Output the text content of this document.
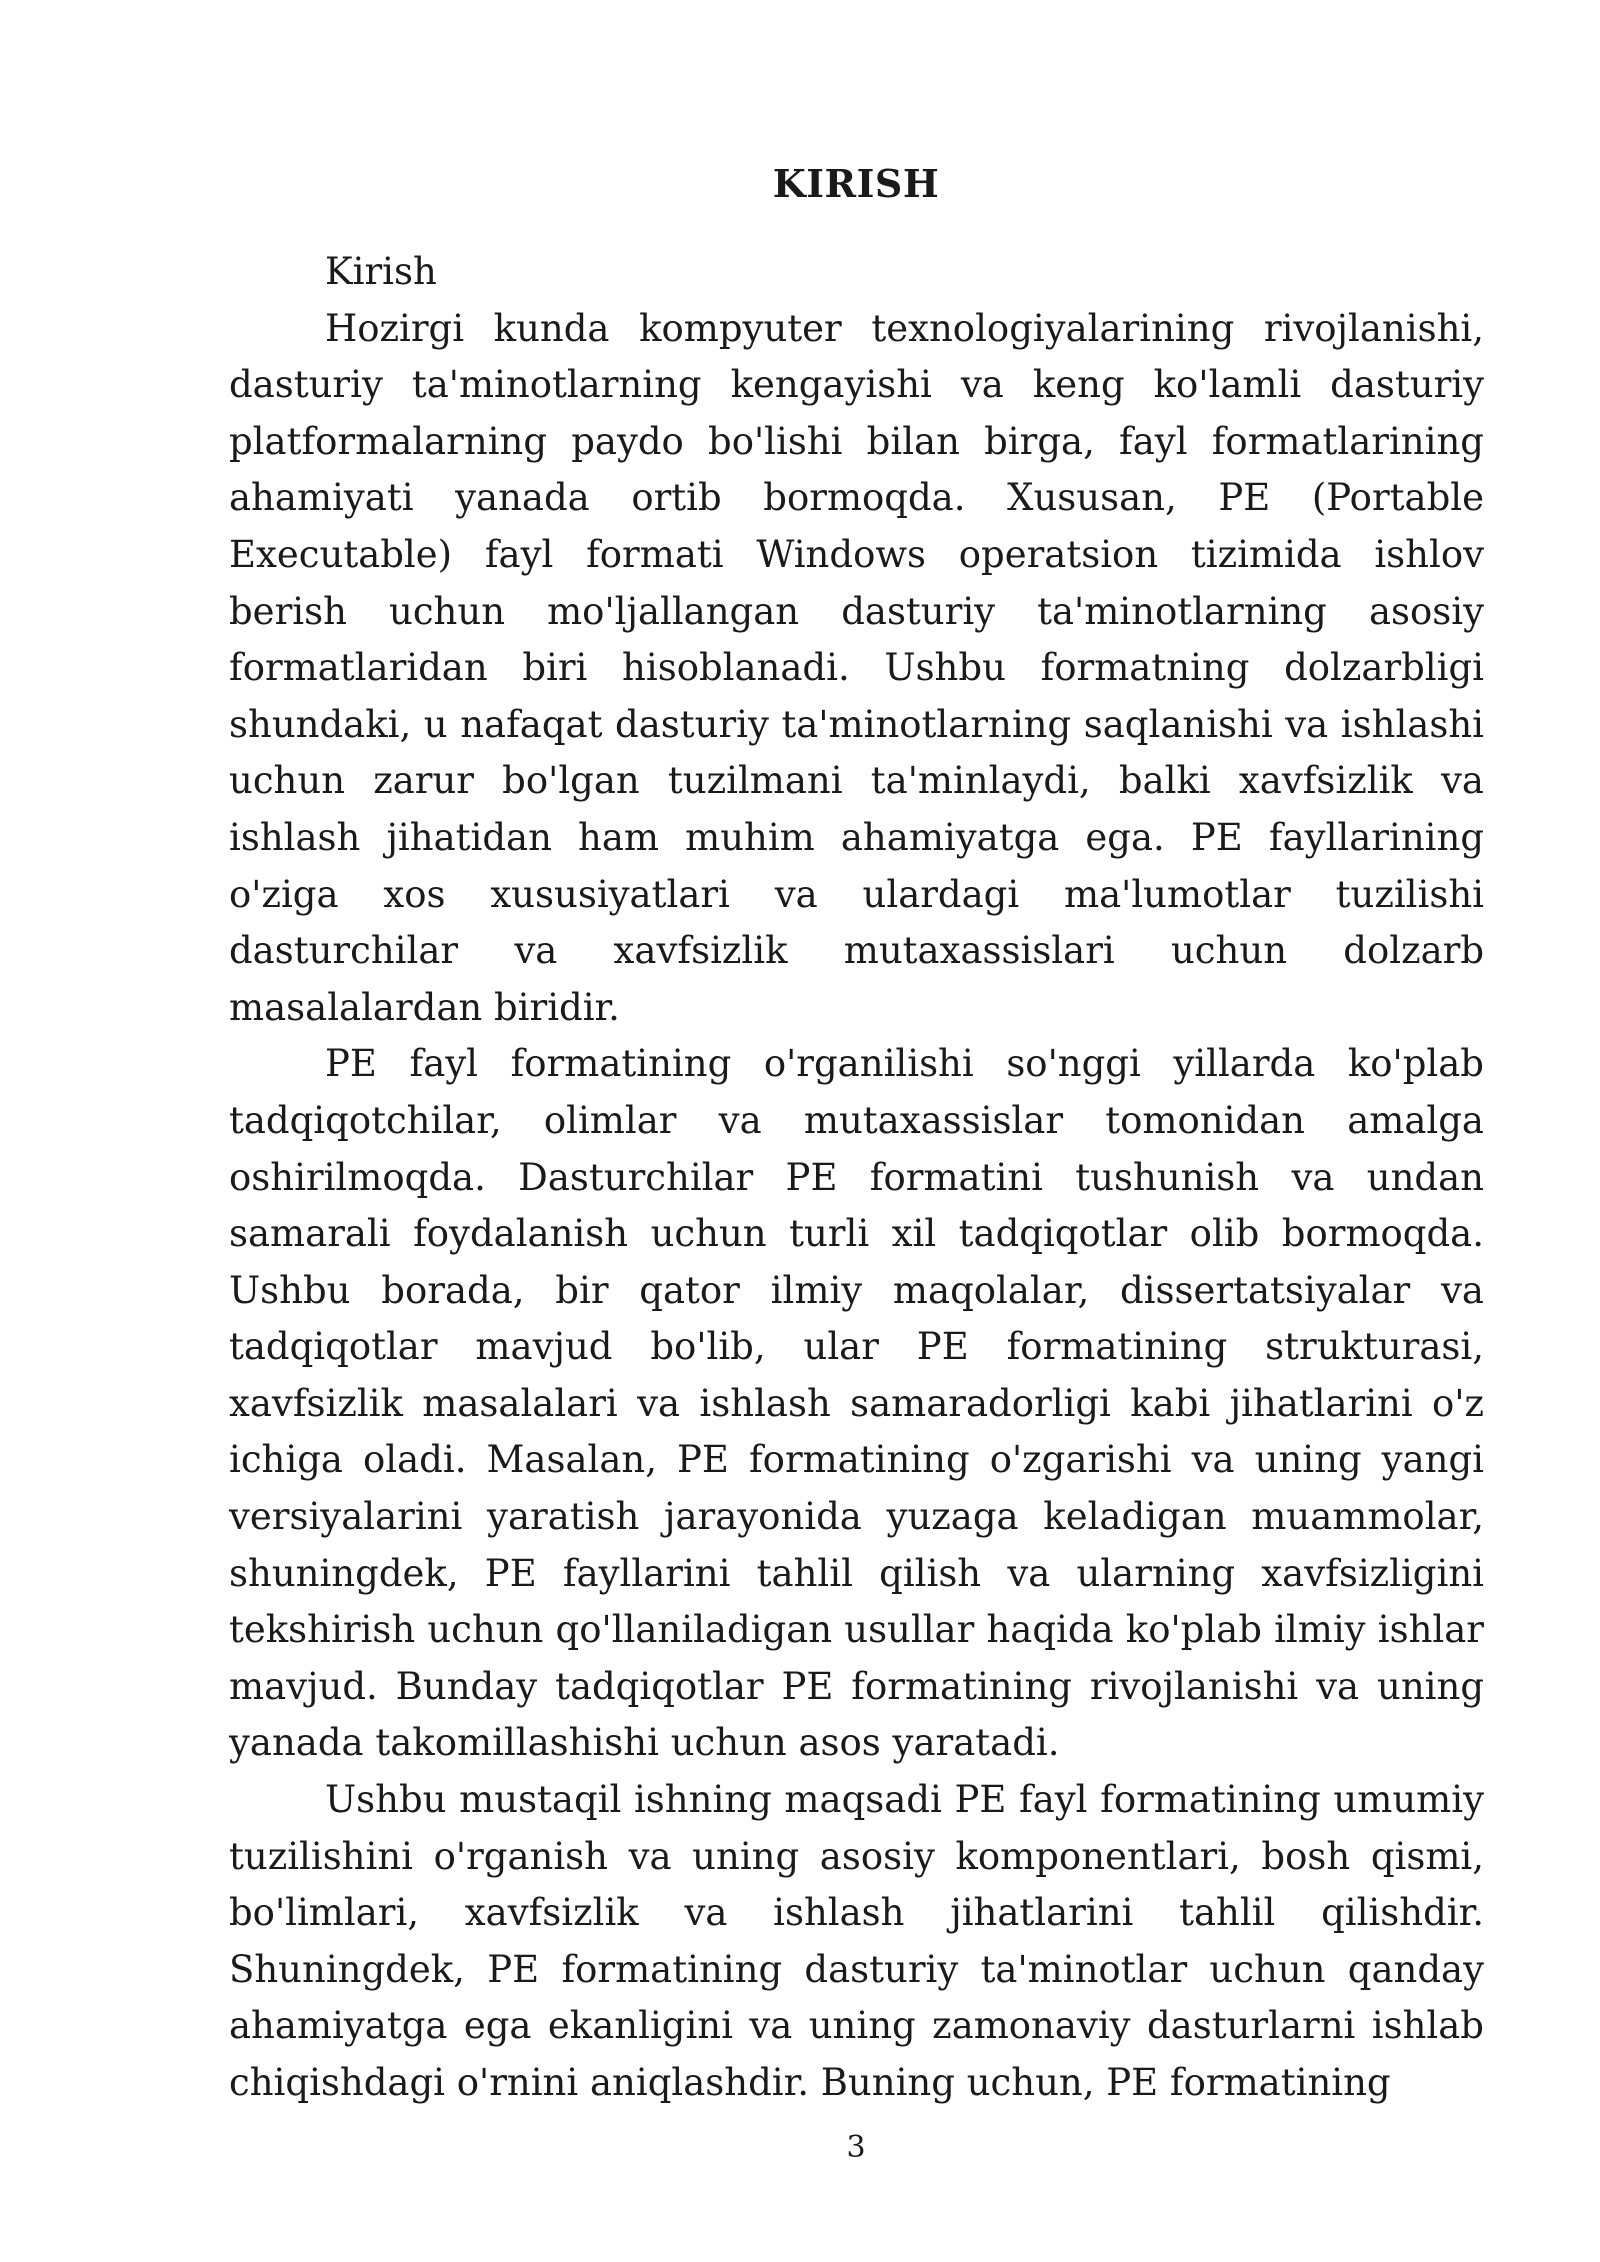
KIRISH

Kirish

Hozirgi kunda kompyuter texnologiyalarining rivojlanishi, dasturiy ta'minotlarning kengayishi va keng ko'lamli dasturiy platformalarning paydo bo'lishi bilan birga, fayl formatlarining ahamiyati yanada ortib bormoqda. Xususan, PE (Portable Executable) fayl formati Windows operatsion tizimida ishlov berish uchun mo'ljallangan dasturiy ta'minotlarning asosiy formatlaridan biri hisoblanadi. Ushbu formatning dolzarbligi shundaki, u nafaqat dasturiy ta'minotlarning saqlanishi va ishlashi uchun zarur bo'lgan tuzilmani ta'minlaydi, balki xavfsizlik va ishlash jihatidan ham muhim ahamiyatga ega. PE fayllarining o'ziga xos xususiyatlari va ulardagi ma'lumotlar tuzilishi dasturchilar va xavfsizlik mutaxassislari uchun dolzarb masalalardan biridir.

PE fayl formatining o'rganilishi so'nggi yillarda ko'plab tadqiqotchilar, olimlar va mutaxassislar tomonidan amalga oshirilmoqda. Dasturchilar PE formatini tushunish va undan samarali foydalanish uchun turli xil tadqiqotlar olib bormoqda. Ushbu borada, bir qator ilmiy maqolalar, dissertatsiyalar va tadqiqotlar mavjud bo'lib, ular PE formatining strukturasi, xavfsizlik masalalari va ishlash samaradorligi kabi jihatlarini o'z ichiga oladi. Masalan, PE formatining o'zgarishi va uning yangi versiyalarini yaratish jarayonida yuzaga keladigan muammolar, shuningdek, PE fayllarini tahlil qilish va ularning xavfsizligini tekshirish uchun qo'llaniladigan usullar haqida ko'plab ilmiy ishlar mavjud. Bunday tadqiqotlar PE formatining rivojlanishi va uning yanada takomillashishi uchun asos yaratadi.

Ushbu mustaqil ishning maqsadi PE fayl formatining umumiy tuzilishini o'rganish va uning asosiy komponentlari, bosh qismi, bo'limlari, xavfsizlik va ishlash jihatlarini tahlil qilishdir. Shuningdek, PE formatining dasturiy ta'minotlar uchun qanday ahamiyatga ega ekanligini va uning zamonaviy dasturlarni ishlab chiqishdagi o'rnini aniqlashdir. Buning uchun, PE formatining

3
